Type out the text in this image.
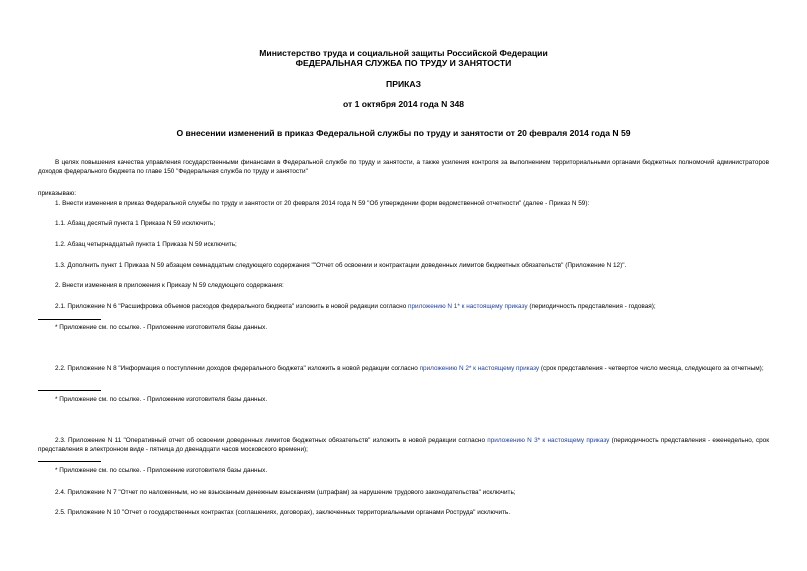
Министерство труда и социальной защиты Российской Федерации
ФЕДЕРАЛЬНАЯ СЛУЖБА ПО ТРУДУ И ЗАНЯТОСТИ
ПРИКАЗ
от 1 октября 2014 года N 348
О внесении изменений в приказ Федеральной службы по труду и занятости от 20 февраля 2014 года N 59
В целях повышения качества управления государственными финансами в Федеральной службе по труду и занятости, а также усиления контроля за выполнением территориальными органами бюджетных полномочий администраторов доходов федерального бюджета по главе 150 "Федеральная служба по труду и занятости"
приказываю:
1. Внести изменения в приказ Федеральной службы по труду и занятости от 20 февраля 2014 года N 59 "Об утверждении форм ведомственной отчетности" (далее - Приказ N 59):
1.1. Абзац десятый пункта 1 Приказа N 59 исключить;
1.2. Абзац четырнадцатый пункта 1 Приказа N 59 исключить;
1.3. Дополнить пункт 1 Приказа N 59 абзацем семнадцатым следующего содержания ""Отчет об освоении и контрактации доведенных лимитов бюджетных обязательств" (Приложение N 12)".
2. Внести изменения в приложения к Приказу N 59 следующего содержания:
2.1. Приложение N 6 "Расшифровка объемов расходов федерального бюджета" изложить в новой редакции согласно приложению N 1* к настоящему приказу (периодичность представления - годовая);
* Приложение см. по ссылке. - Приложение изготовителя базы данных.
2.2. Приложение N 8 "Информация о поступлении доходов федерального бюджета" изложить в новой редакции согласно приложению N 2* к настоящему приказу (срок представления - четвертое число месяца, следующего за отчетным);
* Приложение см. по ссылке. - Приложение изготовителя базы данных.
2.3. Приложение N 11 "Оперативный отчет об освоении доведенных лимитов бюджетных обязательств" изложить в новой редакции согласно приложению N 3* к настоящему приказу (периодичность представления - еженедельно, срок представления в электронном виде - пятница до двенадцати часов московского времени);
* Приложение см. по ссылке. - Приложение изготовителя базы данных.
2.4. Приложение N 7 "Отчет по наложенным, но не взысканным денежным взысканиям (штрафам) за нарушение трудового законодательства" исключить;
2.5. Приложение N 10 "Отчет о государственных контрактах (соглашениях, договорах), заключенных территориальными органами Роструда" исключить.
